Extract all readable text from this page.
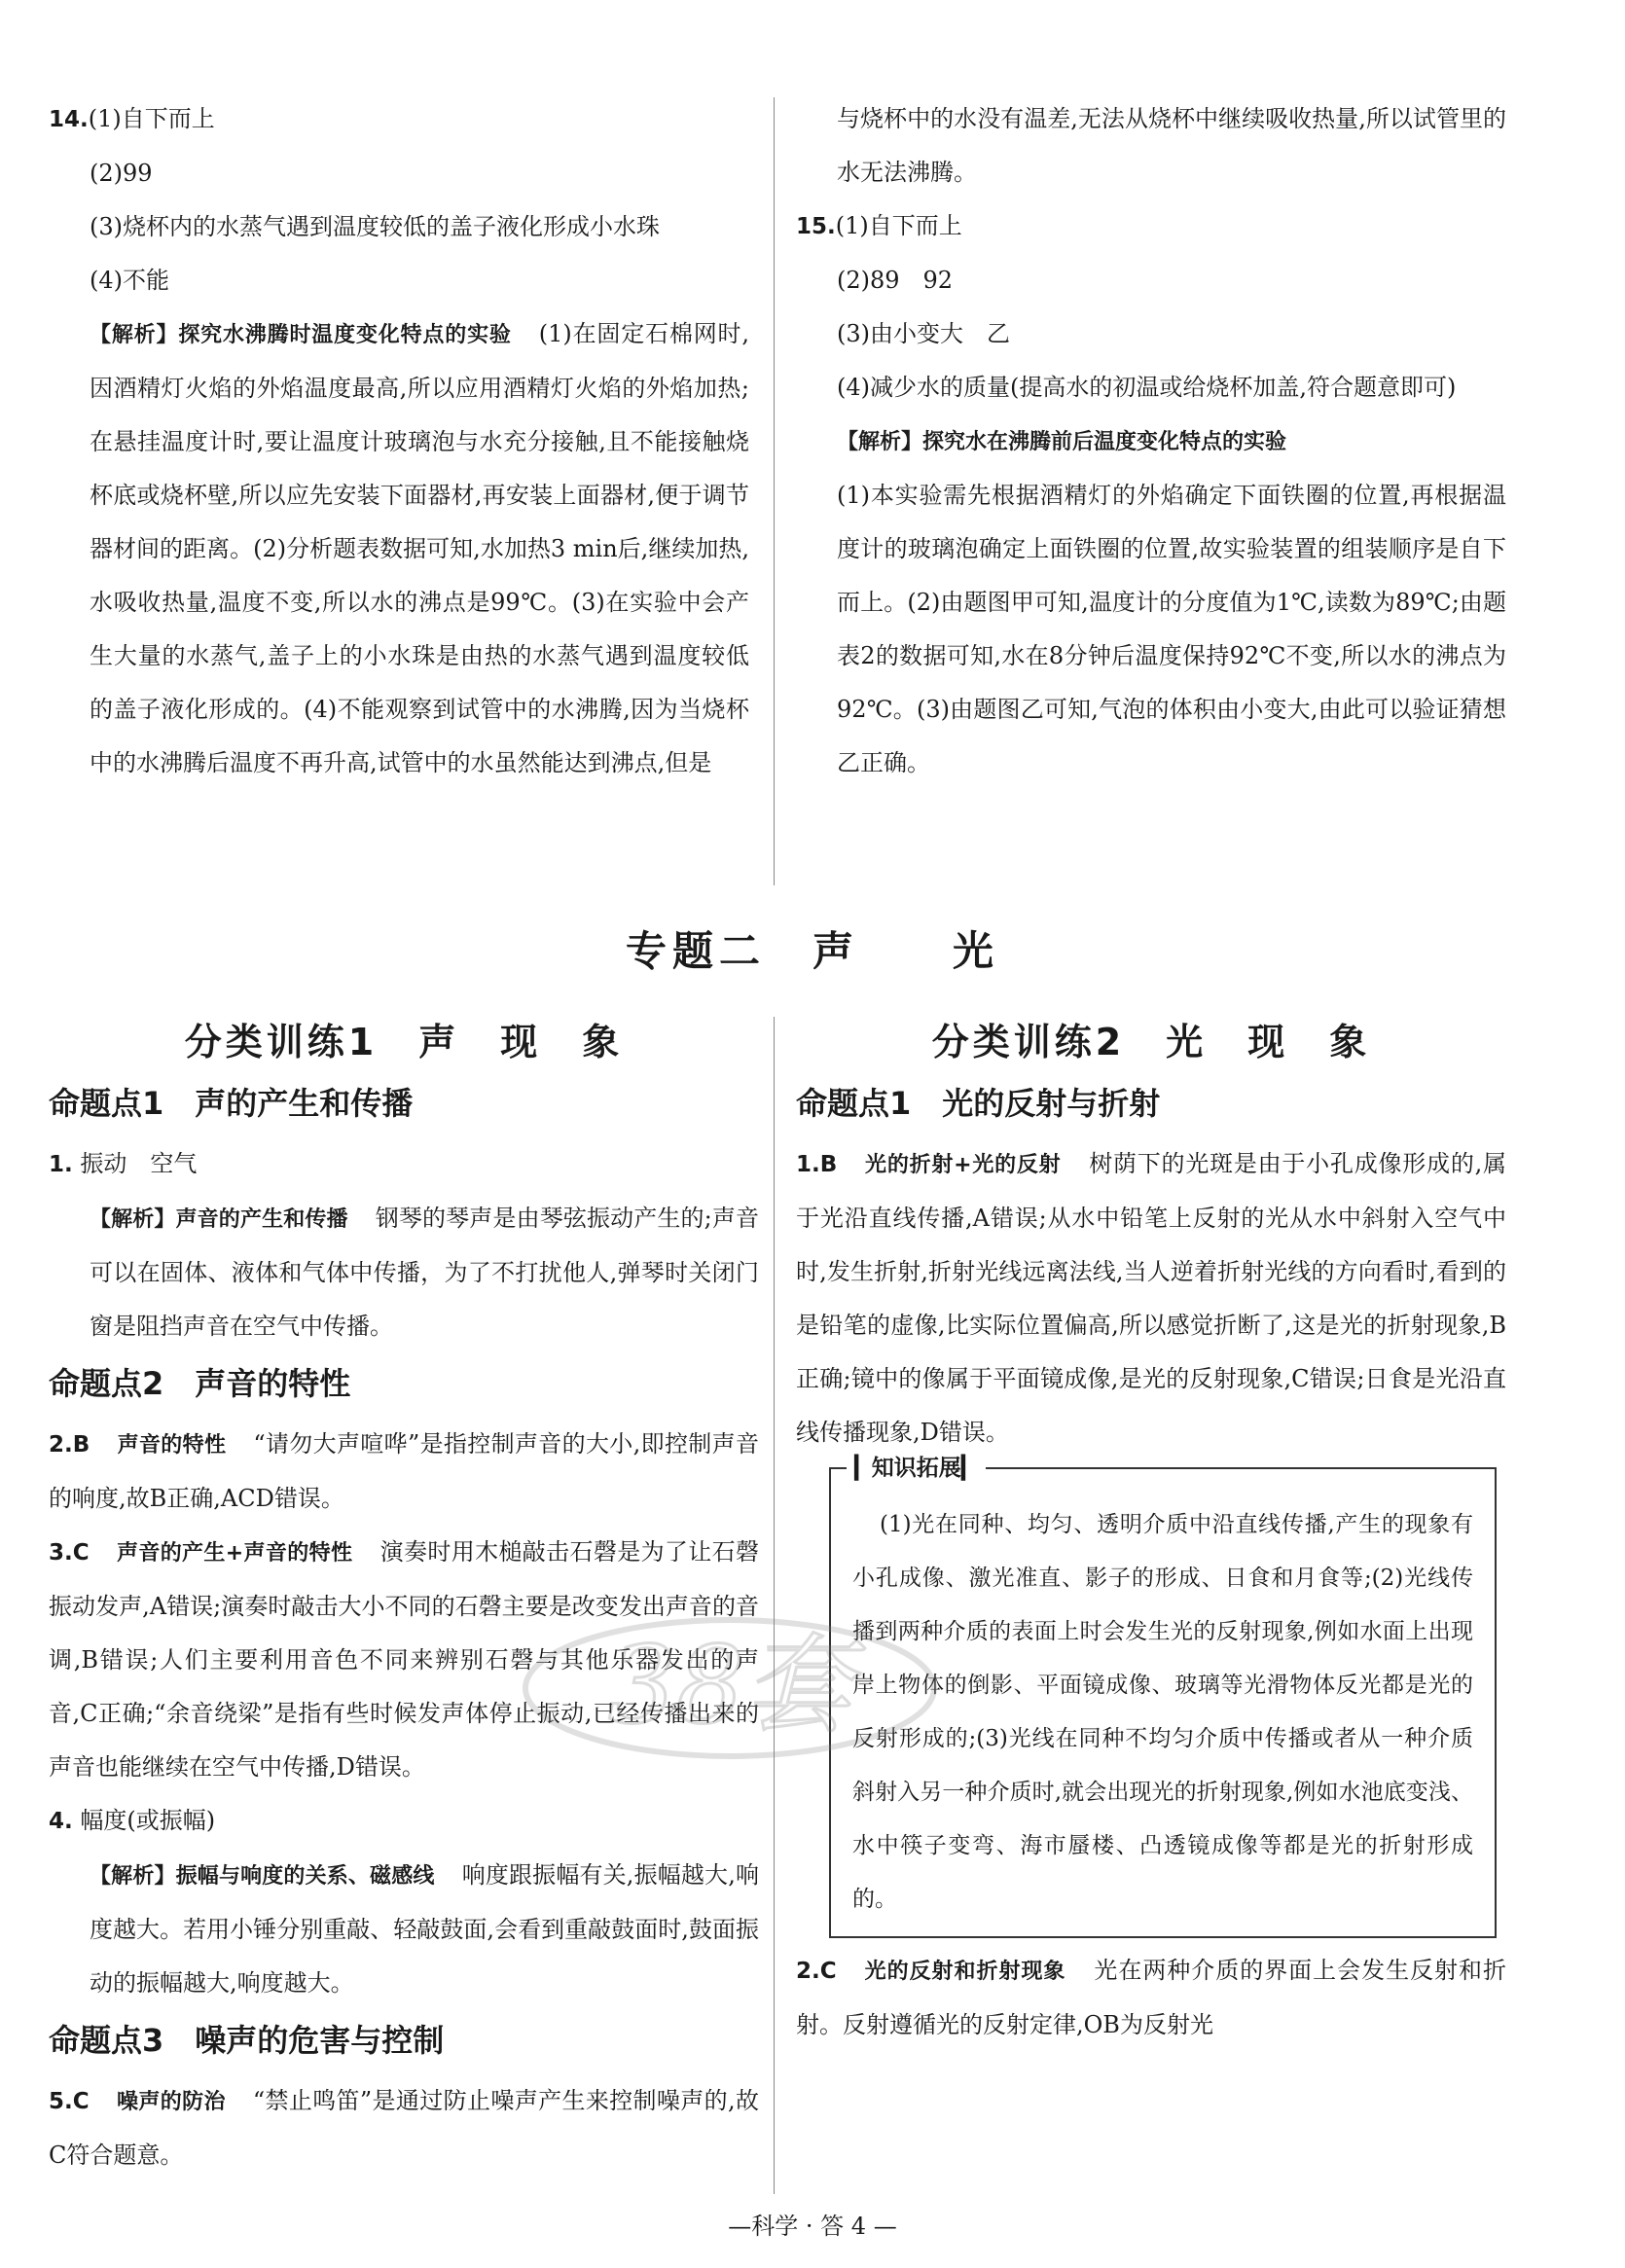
14.(1)自下而上

(2)99

(3)烧杯内的水蒸气遇到温度较低的盖子液化形成小水珠

(4)不能

【解析】探究水沸腾时温度变化特点的实验 (1)在固定石棉网时,因酒精灯火焰的外焰温度最高,所以应用酒精灯火焰的外焰加热;在悬挂温度计时,要让温度计玻璃泡与水充分接触,且不能接触烧杯底或烧杯壁,所以应先安装下面器材,再安装上面器材,便于调节器材间的距离。(2)分析题表数据可知,水加热3 min后,继续加热,水吸收热量,温度不变,所以水的沸点是99℃。(3)在实验中会产生大量的水蒸气,盖子上的小水珠是由热的水蒸气遇到温度较低的盖子液化形成的。(4)不能观察到试管中的水沸腾,因为当烧杯中的水沸腾后温度不再升高,试管中的水虽然能达到沸点,但是

与烧杯中的水没有温差,无法从烧杯中继续吸收热量,所以试管里的水无法沸腾。

15.(1)自下而上

(2)89　92

(3)由小变大　乙

(4)减少水的质量(提高水的初温或给烧杯加盖,符合题意即可)

【解析】探究水在沸腾前后温度变化特点的实验

(1)本实验需先根据酒精灯的外焰确定下面铁圈的位置,再根据温度计的玻璃泡确定上面铁圈的位置,故实验装置的组装顺序是自下而上。(2)由题图甲可知,温度计的分度值为1℃,读数为89℃;由题表2的数据可知,水在8分钟后温度保持92℃不变,所以水的沸点为92℃。(3)由题图乙可知,气泡的体积由小变大,由此可以验证猜想乙正确。

专题二　声　　光
分类训练1　声　现　象
命题点1　声的产生和传播

1. 振动　空气

【解析】声音的产生和传播 钢琴的琴声是由琴弦振动产生的;声音可以在固体、液体和气体中传播，为了不打扰他人,弹琴时关闭门窗是阻挡声音在空气中传播。

命题点2　声音的特性

2.B 声音的特性 “请勿大声喧哗”是指控制声音的大小,即控制声音的响度,故B正确,ACD错误。

3.C 声音的产生+声音的特性 演奏时用木槌敲击石磬是为了让石磬振动发声,A错误;演奏时敲击大小不同的石磬主要是改变发出声音的音调,B错误;人们主要利用音色不同来辨别石磬与其他乐器发出的声音,C正确;“余音绕梁”是指有些时候发声体停止振动,已经传播出来的声音也能继续在空气中传播,D错误。

4. 幅度(或振幅)

【解析】振幅与响度的关系、磁感线 响度跟振幅有关,振幅越大,响度越大。若用小锤分别重敲、轻敲鼓面,会看到重敲鼓面时,鼓面振动的振幅越大,响度越大。

命题点3　噪声的危害与控制

5.C 噪声的防治 “禁止鸣笛”是通过防止噪声产生来控制噪声的,故C符合题意。

分类训练2　光　现　象
命题点1　光的反射与折射

1.B 光的折射+光的反射 树荫下的光斑是由于小孔成像形成的,属于光沿直线传播,A错误;从水中铅笔上反射的光从水中斜射入空气中时,发生折射,折射光线远离法线,当人逆着折射光线的方向看时,看到的是铅笔的虚像,比实际位置偏高,所以感觉折断了,这是光的折射现象,B正确;镜中的像属于平面镜成像,是光的反射现象,C错误;日食是光沿直线传播现象,D错误。

▎知识拓展▎

(1)光在同种、均匀、透明介质中沿直线传播,产生的现象有小孔成像、激光准直、影子的形成、日食和月食等;(2)光线传播到两种介质的表面上时会发生光的反射现象,例如水面上出现岸上物体的倒影、平面镜成像、玻璃等光滑物体反光都是光的反射形成的;(3)光线在同种不均匀介质中传播或者从一种介质斜射入另一种介质时,就会出现光的折射现象,例如水池底变浅、水中筷子变弯、海市蜃楼、凸透镜成像等都是光的折射形成的。

2.C 光的反射和折射现象 光在两种介质的界面上会发生反射和折射。反射遵循光的反射定律,OB为反射光

38套
—科学 · 答 4 —
